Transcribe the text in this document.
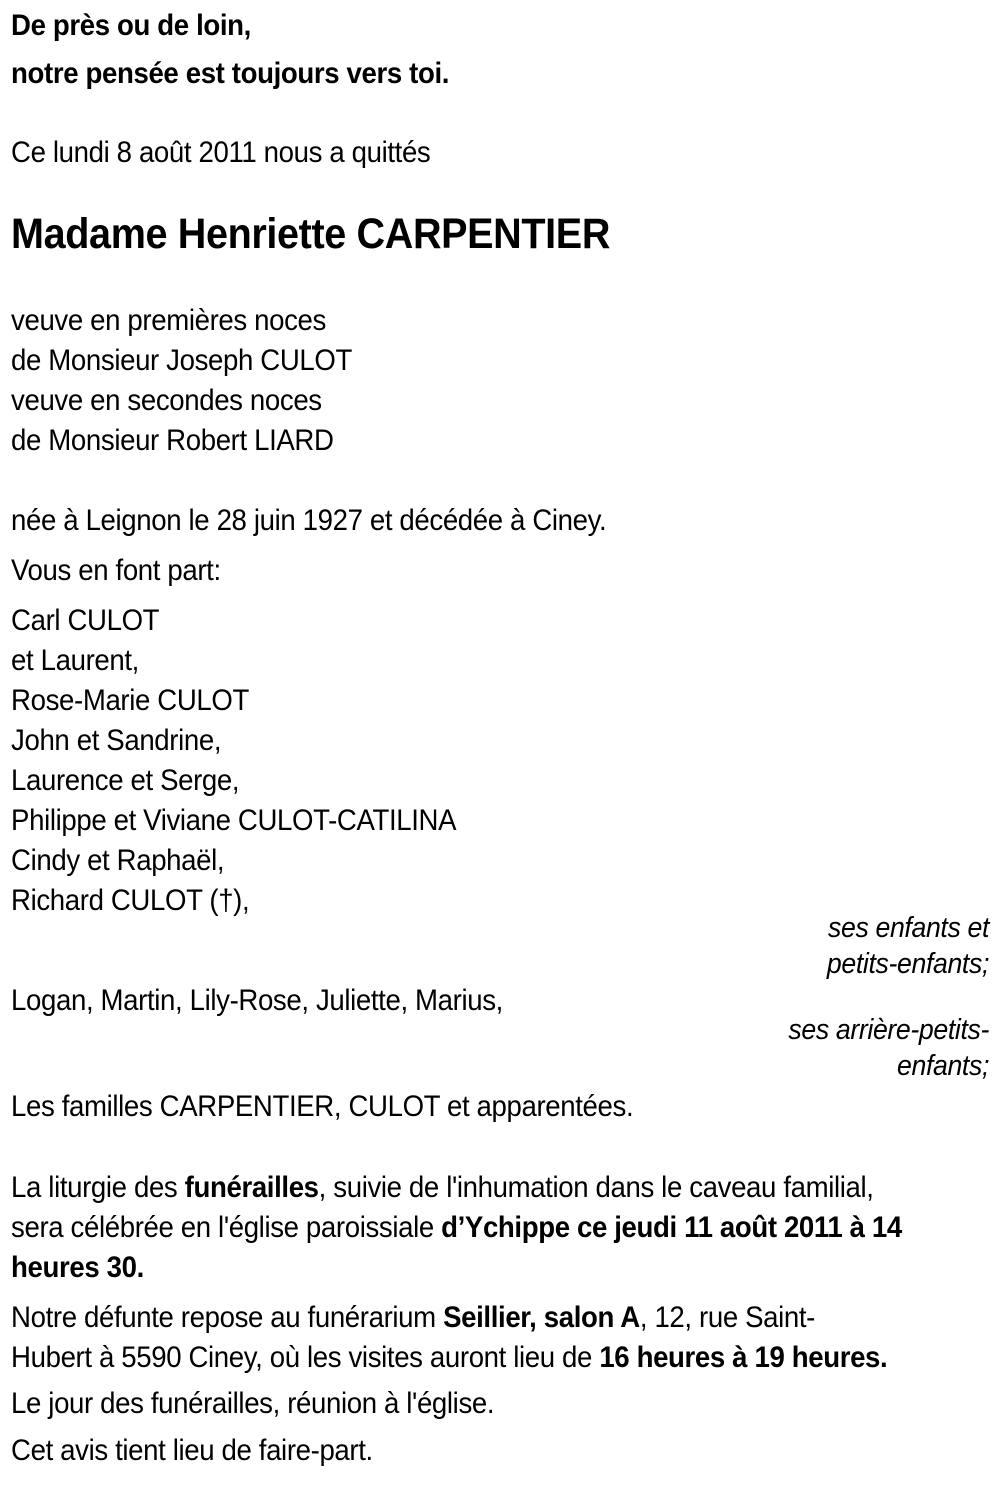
De près ou de loin,
notre pensée est toujours vers toi.
Ce lundi 8 août 2011 nous a quittés
Madame Henriette CARPENTIER
veuve en premières noces
de Monsieur Joseph CULOT
veuve en secondes noces
de Monsieur Robert LIARD
née à Leignon le 28 juin 1927 et décédée à Ciney.
Vous en font part:
Carl CULOT
et Laurent,
Rose-Marie CULOT
John et Sandrine,
Laurence et Serge,
Philippe et Viviane CULOT-CATILINA
Cindy et Raphaël,
Richard CULOT (†),
ses enfants et
petits-enfants;
Logan, Martin, Lily-Rose, Juliette, Marius,
ses arrière-petits-
enfants;
Les familles CARPENTIER, CULOT et apparentées.
La liturgie des funérailles, suivie de l'inhumation dans le caveau familial,
sera célébrée en l'église paroissiale d’Ychippe ce jeudi 11 août 2011 à 14
heures 30.
Notre défunte repose au funérarium Seillier, salon A, 12, rue Saint-
Hubert à 5590 Ciney, où les visites auront lieu de 16 heures à 19 heures.
Le jour des funérailles, réunion à l'église.
Cet avis tient lieu de faire-part.
